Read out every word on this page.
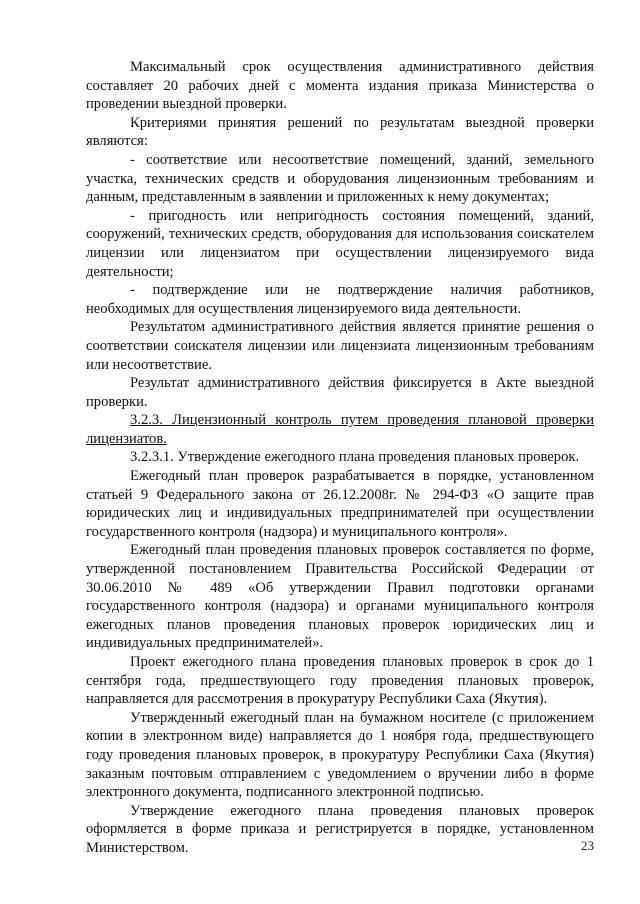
Максимальный срок осуществления административного действия составляет 20 рабочих дней с момента издания приказа Министерства о проведении выездной проверки.

Критериями принятия решений по результатам выездной проверки являются:

- соответствие или несоответствие помещений, зданий, земельного участка, технических средств и оборудования лицензионным требованиям и данным, представленным в заявлении и приложенных к нему документах;

- пригодность или непригодность состояния помещений, зданий, сооружений, технических средств, оборудования для использования соискателем лицензии или лицензиатом при осуществлении лицензируемого вида деятельности;

- подтверждение или не подтверждение наличия работников, необходимых для осуществления лицензируемого вида деятельности.

Результатом административного действия является принятие решения о соответствии соискателя лицензии или лицензиата лицензионным требованиям или несоответствие.

Результат административного действия фиксируется в Акте выездной проверки.

3.2.3. Лицензионный контроль путем проведения плановой проверки лицензиатов.

3.2.3.1. Утверждение ежегодного плана проведения плановых проверок.

Ежегодный план проверок разрабатывается в порядке, установленном статьей 9 Федерального закона от 26.12.2008г. № 294-ФЗ «О защите прав юридических лиц и индивидуальных предпринимателей при осуществлении государственного контроля (надзора) и муниципального контроля».

Ежегодный план проведения плановых проверок составляется по форме, утвержденной постановлением Правительства Российской Федерации от 30.06.2010 № 489 «Об утверждении Правил подготовки органами государственного контроля (надзора) и органами муниципального контроля ежегодных планов проведения плановых проверок юридических лиц и индивидуальных предпринимателей».

Проект ежегодного плана проведения плановых проверок в срок до 1 сентября года, предшествующего году проведения плановых проверок, направляется для рассмотрения в прокуратуру Республики Саха (Якутия).

Утвержденный ежегодный план на бумажном носителе (с приложением копии в электронном виде) направляется до 1 ноября года, предшествующего году проведения плановых проверок, в прокуратуру Республики Саха (Якутия) заказным почтовым отправлением с уведомлением о вручении либо в форме электронного документа, подписанного электронной подписью.

Утверждение ежегодного плана проведения плановых проверок оформляется в форме приказа и регистрируется в порядке, установленном Министерством.	23
